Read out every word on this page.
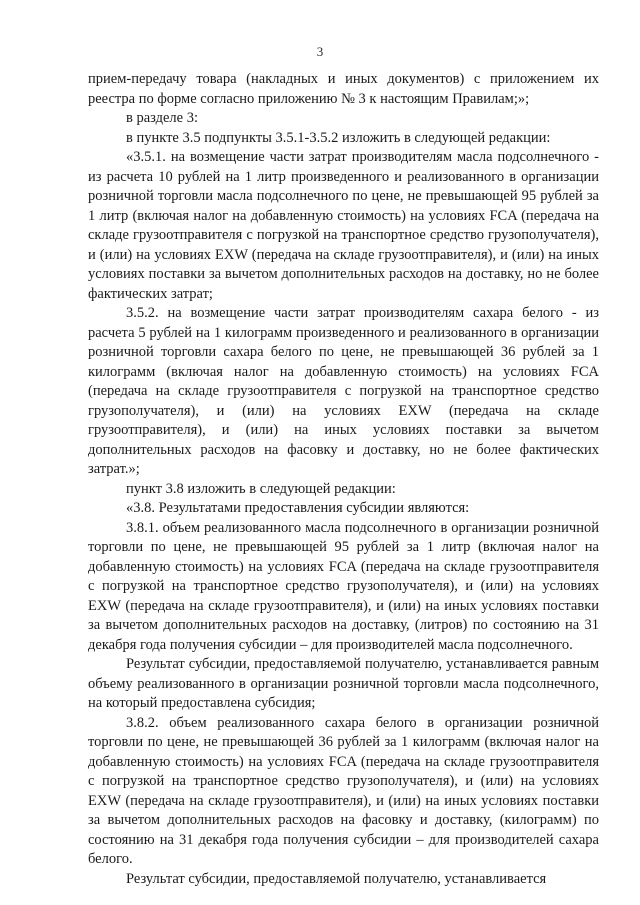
3

прием-передачу товара (накладных и иных документов) с приложением их реестра по форме согласно приложению № 3 к настоящим Правилам;»;

в разделе 3:

в пункте 3.5 подпункты 3.5.1-3.5.2 изложить в следующей редакции:

«3.5.1. на возмещение части затрат производителям масла подсолнечного - из расчета 10 рублей на 1 литр произведенного и реализованного в организации розничной торговли масла подсолнечного по цене, не превышающей 95 рублей за 1 литр (включая налог на добавленную стоимость) на условиях FCA (передача на складе грузоотправителя с погрузкой на транспортное средство грузополучателя), и (или) на условиях EXW (передача на складе грузоотправителя), и (или) на иных условиях поставки за вычетом дополнительных расходов на доставку, но не более фактических затрат;

3.5.2. на возмещение части затрат производителям сахара белого - из расчета 5 рублей на 1 килограмм произведенного и реализованного в организации розничной торговли сахара белого по цене, не превышающей 36 рублей за 1 килограмм (включая налог на добавленную стоимость) на условиях FCA (передача на складе грузоотправителя с погрузкой на транспортное средство грузополучателя), и (или) на условиях EXW (передача на складе грузоотправителя), и (или) на иных условиях поставки за вычетом дополнительных расходов на фасовку и доставку, но не более фактических затрат.»;

пункт 3.8 изложить в следующей редакции:

«3.8. Результатами предоставления субсидии являются:

3.8.1. объем реализованного масла подсолнечного в организации розничной торговли по цене, не превышающей 95 рублей за 1 литр (включая налог на добавленную стоимость) на условиях FCA (передача на складе грузоотправителя с погрузкой на транспортное средство грузополучателя), и (или) на условиях EXW (передача на складе грузоотправителя), и (или) на иных условиях поставки за вычетом дополнительных расходов на доставку, (литров) по состоянию на 31 декабря года получения субсидии – для производителей масла подсолнечного.

Результат субсидии, предоставляемой получателю, устанавливается равным объему реализованного в организации розничной торговли масла подсолнечного, на который предоставлена субсидия;

3.8.2. объем реализованного сахара белого в организации розничной торговли по цене, не превышающей 36 рублей за 1 килограмм (включая налог на добавленную стоимость) на условиях FCA (передача на складе грузоотправителя с погрузкой на транспортное средство грузополучателя), и (или) на условиях EXW (передача на складе грузоотправителя), и (или) на иных условиях поставки за вычетом дополнительных расходов на фасовку и доставку, (килограмм) по состоянию на 31 декабря года получения субсидии – для производителей сахара белого.

Результат субсидии, предоставляемой получателю, устанавливается
